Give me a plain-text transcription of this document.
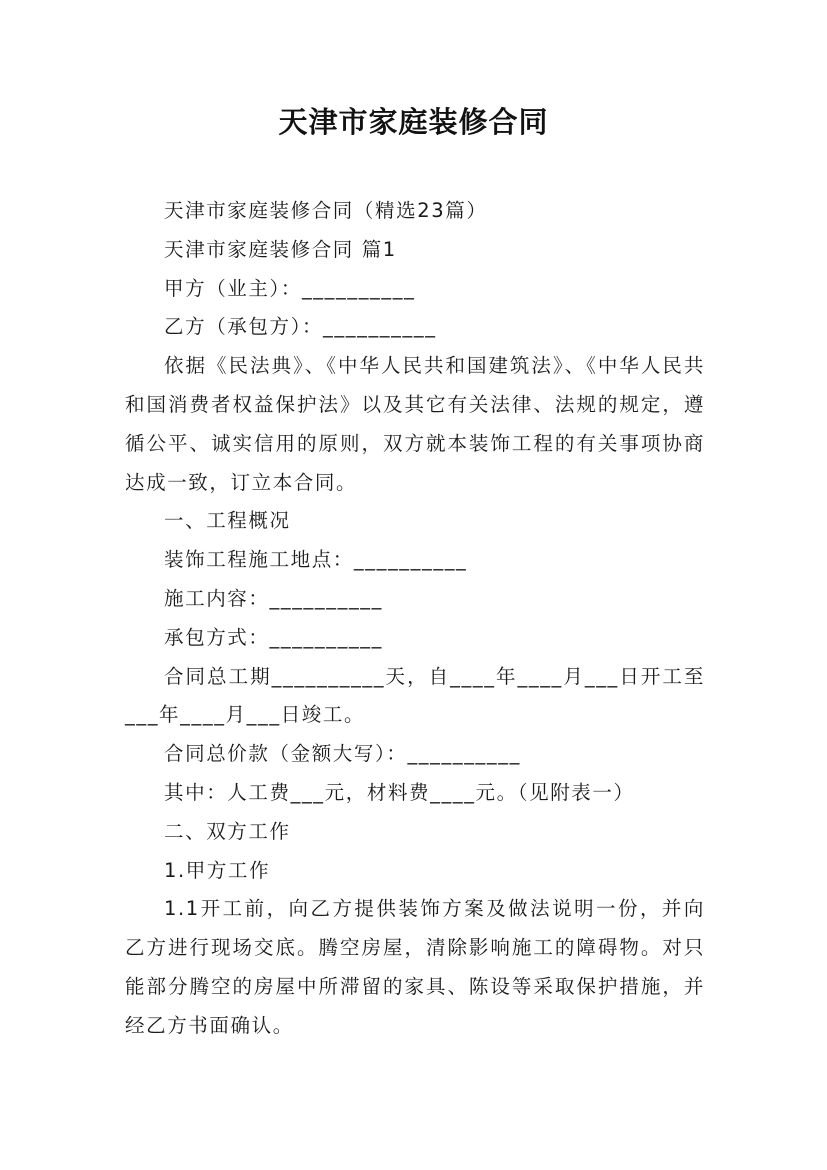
天津市家庭装修合同

天津市家庭装修合同（精选23篇）

天津市家庭装修合同 篇1

甲方（业主）：__________

乙方（承包方）：__________

依据《民法典》、《中华人民共和国建筑法》、《中华人民共和国消费者权益保护法》以及其它有关法律、法规的规定，遵循公平、诚实信用的原则，双方就本装饰工程的有关事项协商达成一致，订立本合同。

一、工程概况

装饰工程施工地点：__________

施工内容：__________

承包方式：__________

合同总工期__________天，自____年____月___日开工至___年____月___日竣工。

合同总价款（金额大写）：__________

其中：人工费___元，材料费____元。（见附表一）

二、双方工作

1.甲方工作

1.1开工前，向乙方提供装饰方案及做法说明一份，并向乙方进行现场交底。腾空房屋，清除影响施工的障碍物。对只能部分腾空的房屋中所滞留的家具、陈设等采取保护措施，并经乙方书面确认。
